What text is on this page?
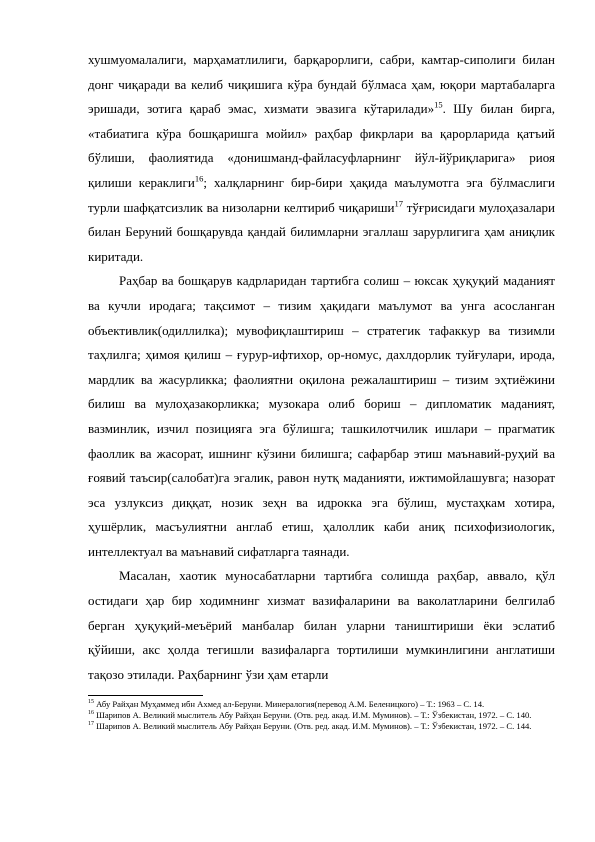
хушмуомалалиги, марҳаматлилиги, барқарорлиги, сабри, камтар-сиполиги билан донг чиқаради ва келиб чиқишига кўра бундай бўлмаса ҳам, юқори мартабаларга эришади, зотига қараб эмас, хизмати эвазига кўтарилади»$^{15}$. Шу билан бирга, «табиатига кўра бошқаришга мойил» раҳбар фикрлари ва қарорларида қатъий бўлиши, фаолиятида «донишманд-файласуфларнинг йўл-йўриқларига» риоя қилиши кераклиги$^{16}$; халқларнинг бир-бири ҳақида маълумотга эга бўлмаслиги турли шафқатсизлик ва низоларни келтириб чиқариши$^{17}$ тўғрисидаги мулоҳазалари билан Беруний бошқарувда қандай билимларни эгаллаш зарурлигига ҳам аниқлик киритади.

Раҳбар ва бошқарув кадрларидан тартибга солиш – юксак ҳуқуқий маданият ва кучли иродага; тақсимот – тизим ҳақидаги маълумот ва унга асосланган объективлик(одиллилка); мувофиқлаштириш – стратегик тафаккур ва тизимли таҳлилга; ҳимоя қилиш – ғурур-ифтихор, ор-номус, дахлдорлик туйғулари, ирода, мардлик ва жасурликка; фаолиятни оқилона режалаштириш – тизим эҳтиёжини билиш ва мулоҳазакорликка; музокара олиб бориш – дипломатик маданият, вазминлик, изчил позицияга эга бўлишга; ташкилотчилик ишлари – прагматик фаоллик ва жасорат, ишнинг кўзини билишга; сафарбар этиш маънавий-руҳий ва ғоявий таъсир(салобат)га эгалик, равон нутқ маданияти, ижтимойлашувга; назорат эса узлуксиз диққат, нозик зеҳн ва идрокка эга бўлиш, мустаҳкам хотира, ҳушёрлик, масъулиятни англаб етиш, ҳалоллик каби аниқ психофизиологик, интеллектуал ва маънавий сифатларга таянади.

Масалан, хаотик муносабатларни тартибга солишда раҳбар, аввало, қўл остидаги ҳар бир ходимнинг хизмат вазифаларини ва ваколатларини белгилаб берган ҳуқуқий-меъёрий манбалар билан уларни таништириши ёки эслатиб қўйиши, акс ҳолда тегишли вазифаларга тортилиши мумкинлигини англатиши тақозо этилади. Раҳбарнинг ўзи ҳам етарли

$^{15}$ Абу Райҳан Муҳаммед ибн Ахмед ал-Беруни. Минералогия(перевод А.М. Беленицкого) – Т.: 1963 – С. 14.

$^{16}$ Шарипов А. Великий мыслитель Абу Райҳан Беруни. (Отв. ред. акад. И.М. Муминов). – Т.: Ўзбекистан, 1972. – С. 140.

$^{17}$ Шарипов А. Великий мыслитель Абу Райҳан Беруни. (Отв. ред. акад. И.М. Муминов). – Т.: Ўзбекистан, 1972. – С. 144.
